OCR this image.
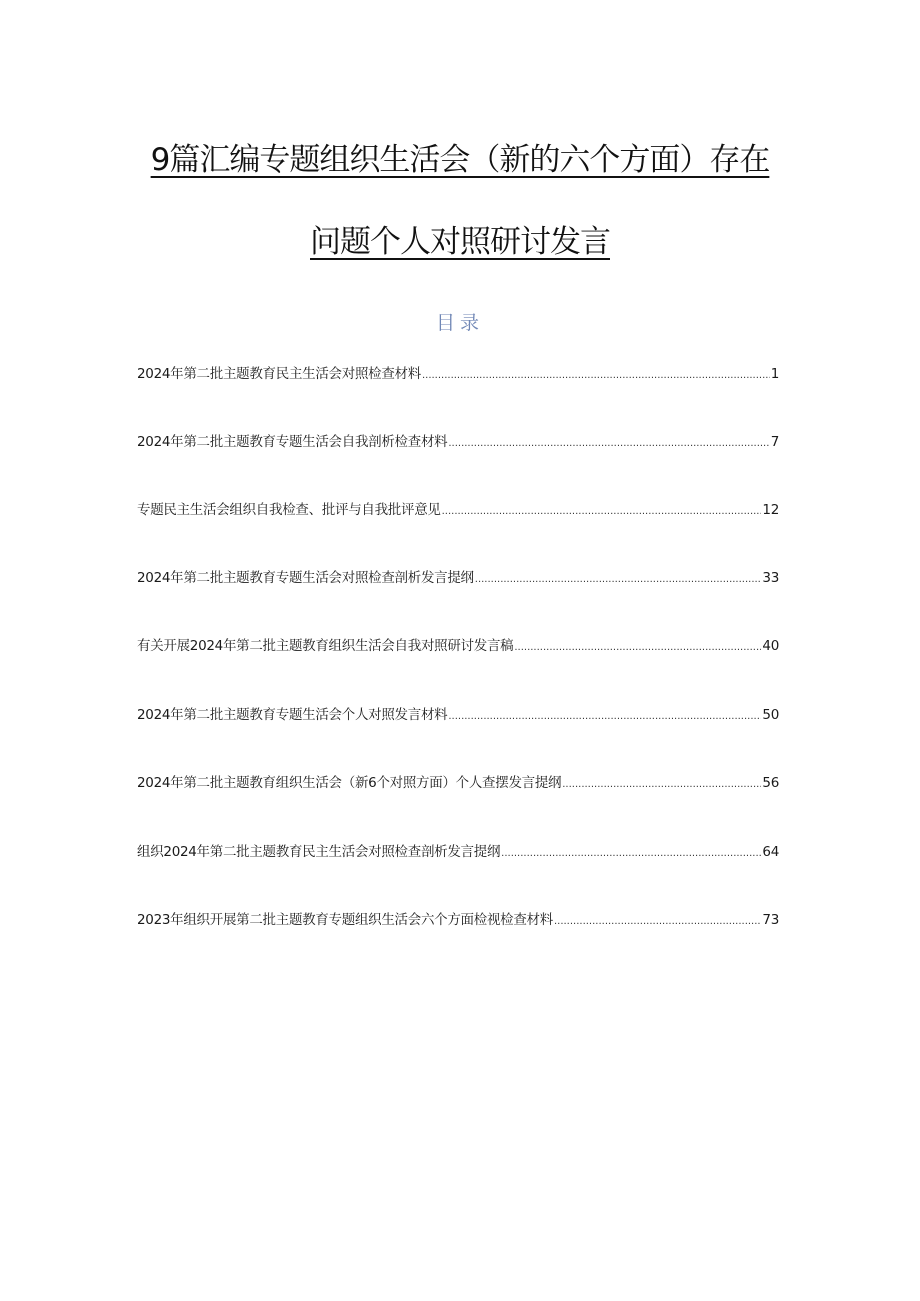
9篇汇编专题组织生活会（新的六个方面）存在
问题个人对照研讨发言
目录
2024年第二批主题教育民主生活会对照检查材料 .....	1
2024年第二批主题教育专题生活会自我剖析检查材料 .....	7
专题民主生活会组织自我检查、批评与自我批评意见 .....	12
2024年第二批主题教育专题生活会对照检查剖析发言提纲 .....	33
有关开展2024年第二批主题教育组织生活会自我对照研讨发言稿 .....	40
2024年第二批主题教育专题生活会个人对照发言材料 .....	50
2024年第二批主题教育组织生活会（新6个对照方面）个人查摆发言提纲 .....	56
组织2024年第二批主题教育民主生活会对照检查剖析发言提纲 .....	64
2023年组织开展第二批主题教育专题组织生活会六个方面检视检查材料 .....	73
